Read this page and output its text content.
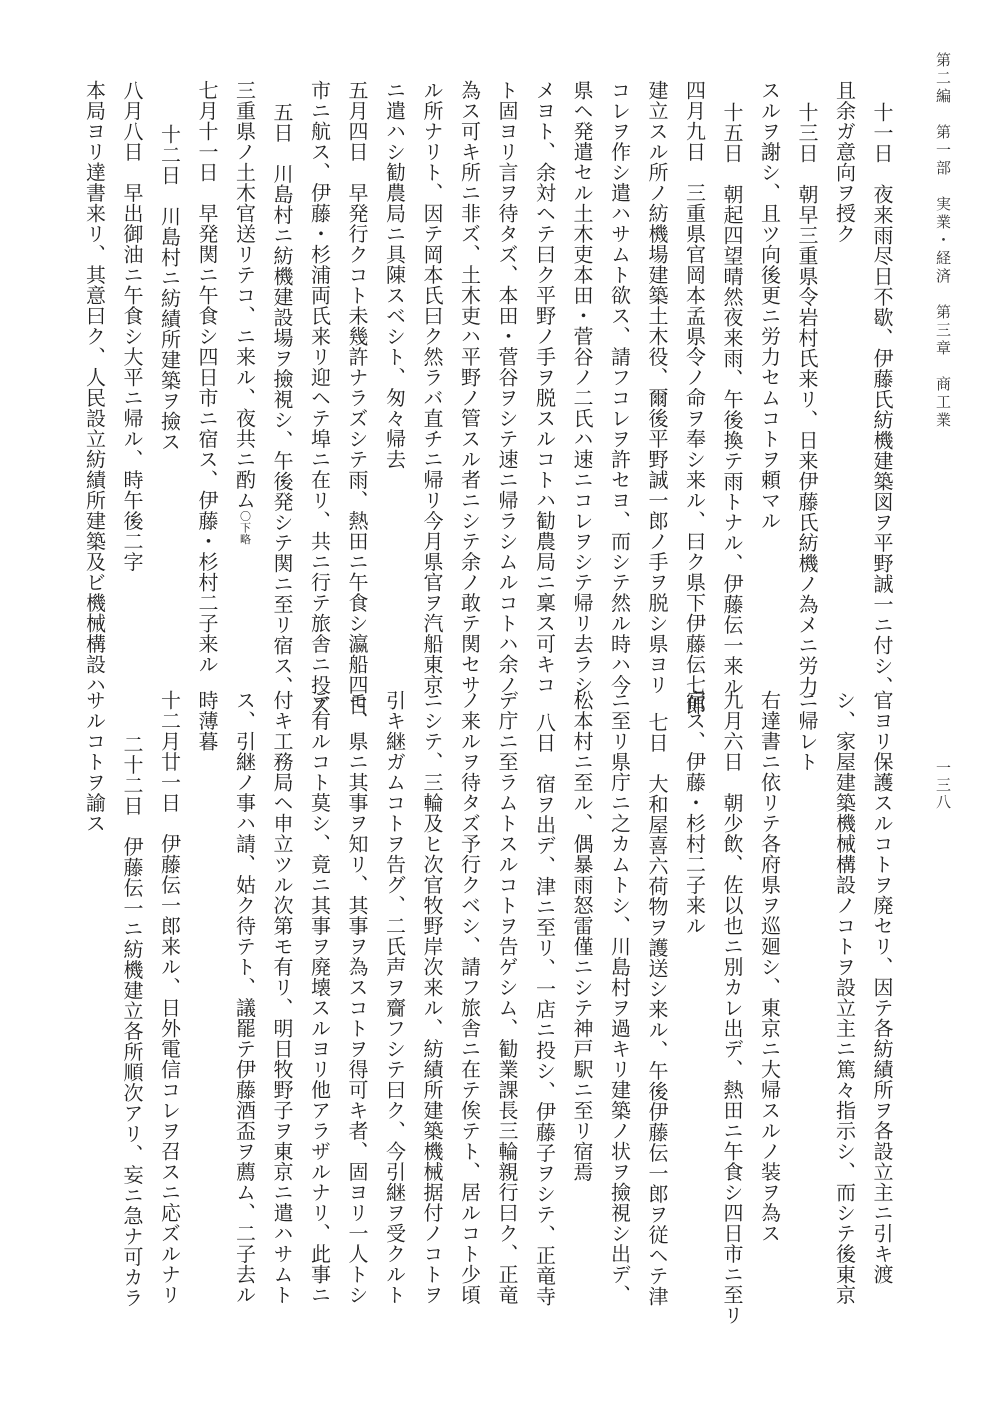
第二編　第一部　実業・経済　第三章　商工業
一三八
十一日　夜来雨尽日不歇、伊藤氏紡機建築図ヲ平野誠一ニ付シ、
且余ガ意向ヲ授ク
十三日　朝早三重県令岩村氏来リ、日来伊藤氏紡機ノ為メニ労力
スルヲ謝シ、且ツ向後更ニ労力セムコトヲ頼マル
十五日　朝起四望晴然夜来雨、午後換テ雨トナル、伊藤伝一来ル
四月九日　三重県官岡本孟県令ノ命ヲ奉シ来ル、曰ク県下伊藤伝七郎
建立スル所ノ紡機場建築土木役、爾後平野誠一郎ノ手ヲ脱シ県ヨリ
コレヲ作シ遣ハサムト欲ス、請フコレヲ許セヨ、而シテ然ル時ハ今
県ヘ発遣セル土木吏本田・菅谷ノ二氏ハ速ニコレヲシテ帰リ去ラシ
メヨト、余対ヘテ曰ク平野ノ手ヲ脱スルコトハ勧農局ニ稟ス可キコ
ト固ヨリ言ヲ待タズ、本田・菅谷ヲシテ速ニ帰ラシムルコトハ余ノ
為ス可キ所ニ非ズ、土木吏ハ平野ノ管スル者ニシテ余ノ敢テ関セサ
ル所ナリト、因テ岡本氏曰ク然ラバ直チニ帰リ今月県官ヲ汽船東京
ニ遣ハシ勧農局ニ具陳スベシト、匆々帰去
五月四日　早発行クコト未幾許ナラズシテ雨、熱田ニ午食シ瀛船四日
市ニ航ス、伊藤・杉浦両氏来リ迎ヘテ埠ニ在リ、共ニ行テ旅舎ニ投ズ
五日　川島村ニ紡機建設場ヲ撿視シ、午後発シテ関ニ至リ宿ス、
三重県ノ土木官送リテコ、ニ来ル、夜共ニ酌ム〇下略
七月十一日　早発関ニ午食シ四日市ニ宿ス、伊藤・杉村二子来ル
十二日　川島村ニ紡績所建築ヲ撿ス
八月八日　早出御油ニ午食シ大平ニ帰ル、時午後二字
本局ヨリ達書来リ、其意曰ク、人民設立紡績所建築及ビ機械構設ハ
官ヨリ保護スルコトヲ廃セリ、因テ各紡績所ヲ各設立主ニ引キ渡
シ、家屋建築機械構設ノコトヲ設立主ニ篤々指示シ、而シテ後東京
ニ帰レト
右達書ニ依リテ各府県ヲ巡廻シ、東京ニ大帰スルノ装ヲ為ス
九月六日　朝少飲、佐以也ニ別カレ出デ、熱田ニ午食シ四日市ニ至リ
宿ス、伊藤・杉村二子来ル
七日　大和屋喜六荷物ヲ護送シ来ル、午後伊藤伝一郎ヲ従ヘテ津
ニ至リ県庁ニ之カムトシ、川島村ヲ過キリ建築ノ状ヲ撿視シ出デ、
松本村ニ至ル、偶暴雨怒雷僅ニシテ神戸駅ニ至リ宿焉
八日　宿ヲ出デ、津ニ至リ、一店ニ投シ、伊藤子ヲシテ、正竜寺
デ庁ニ至ラムトスルコトヲ告ゲシム、勧業課長三輪親行曰ク、正竜
ノ来ルヲ待タズ予行クベシ、請フ旅舎ニ在テ俟テト、居ルコト少頃
ニシテ、三輪及ヒ次官牧野岸次来ル、紡績所建築機械据付ノコトヲ
引キ継ガムコトヲ告グ、二氏声ヲ齎フシテ曰ク、今引継ヲ受クルト
モ、県ニ其事ヲ知リ、其事ヲ為スコトヲ得可キ者、固ヨリ一人トシ
テ有ルコト莫シ、竟ニ其事ヲ廃壊スルヨリ他アラザルナリ、此事ニ
付キ工務局ヘ申立ツル次第モ有リ、明日牧野子ヲ東京ニ遣ハサムト
ス、引継ノ事ハ請、姑ク待テト、議罷テ伊藤酒盃ヲ薦ム、二子去ル
時薄暮
十二月廿一日　伊藤伝一郎来ル、日外電信コレヲ召スニ応ズルナリ
二十二日　伊藤伝一ニ紡機建立各所順次アリ、妄ニ急ナ可カラ
サルコトヲ諭ス
